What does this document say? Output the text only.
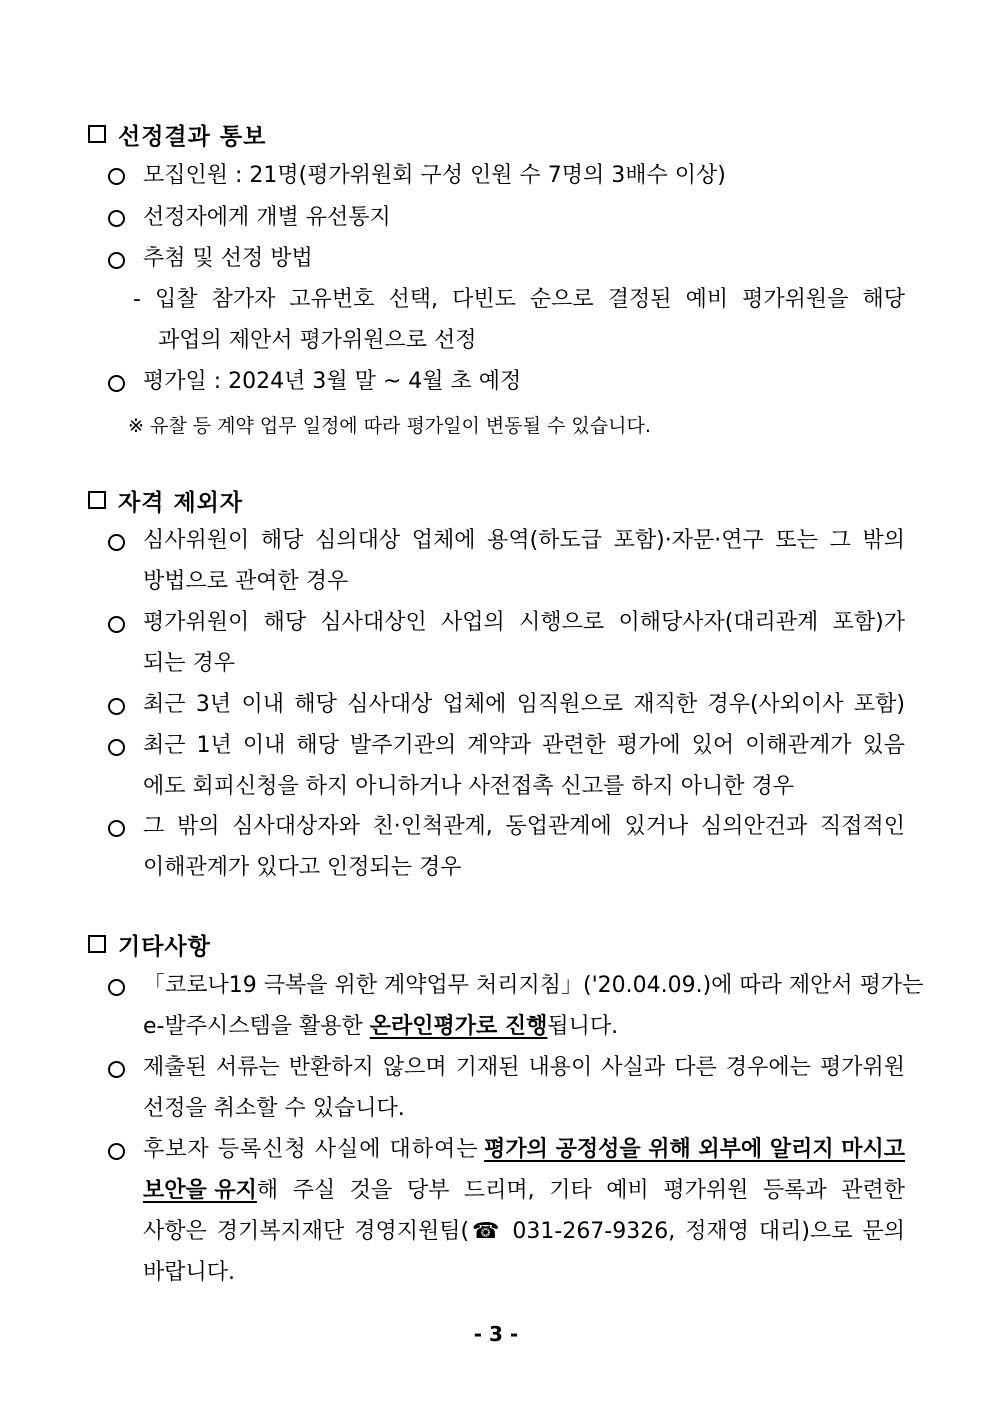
선정결과 통보
모집인원 : 21명(평가위원회 구성 인원 수 7명의 3배수 이상)
선정자에게 개별 유선통지
추첨 및 선정 방법
- 입찰 참가자 고유번호 선택, 다빈도 순으로 결정된 예비 평가위원을 해당
과업의 제안서 평가위원으로 선정
평가일 : 2024년 3월 말 ~ 4월 초 예정
※ 유찰 등 계약 업무 일정에 따라 평가일이 변동될 수 있습니다.
자격 제외자
심사위원이 해당 심의대상 업체에 용역(하도급 포함)·자문·연구 또는 그 밖의
방법으로 관여한 경우
평가위원이 해당 심사대상인 사업의 시행으로 이해당사자(대리관계 포함)가
되는 경우
최근 3년 이내 해당 심사대상 업체에 임직원으로 재직한 경우(사외이사 포함)
최근 1년 이내 해당 발주기관의 계약과 관련한 평가에 있어 이해관계가 있음
에도 회피신청을 하지 아니하거나 사전접촉 신고를 하지 아니한 경우
그 밖의 심사대상자와 친·인척관계, 동업관계에 있거나 심의안건과 직접적인
이해관계가 있다고 인정되는 경우
기타사항
「코로나19 극복을 위한 계약업무 처리지침」('20.04.09.)에 따라 제안서 평가는
e-발주시스템을 활용한 온라인평가로 진행됩니다.
제출된 서류는 반환하지 않으며 기재된 내용이 사실과 다른 경우에는 평가위원
선정을 취소할 수 있습니다.
후보자 등록신청 사실에 대하여는 평가의 공정성을 위해 외부에 알리지 마시고
보안을 유지 해 주실 것을 당부 드리며, 기타 예비 평가위원 등록과 관련한
사항은 경기복지재단 경영지원팀(☎ 031-267-9326, 정재영 대리)으로 문의
바랍니다.
- 3 -
